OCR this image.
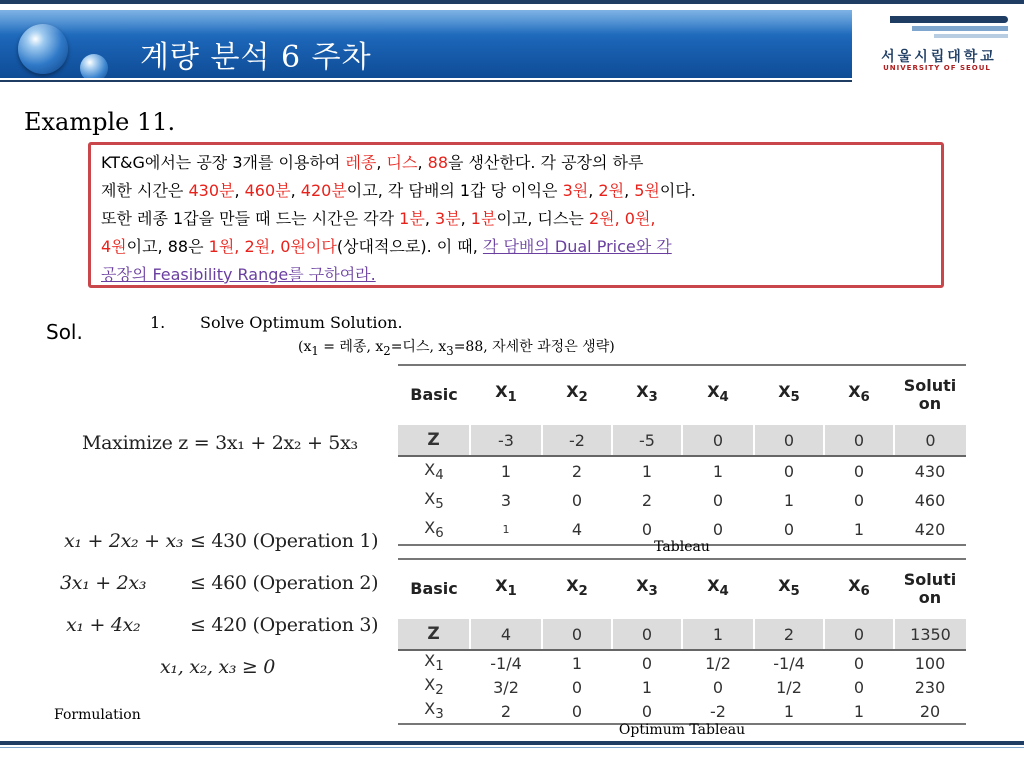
계량 분석 6 주차	서울시립대학교
UNIVERSITY OF SEOUL
Example 11.
KT&G에서는 공장 3개를 이용하여 레종, 디스, 88을 생산한다. 각 공장의 하루
제한 시간은 430분, 460분, 420분이고, 각 담배의 1갑 당 이익은 3원, 2원, 5원이다.
또한 레종 1갑을 만들 때 드는 시간은 각각 1분, 3분, 1분이고, 디스는 2원, 0원,
4원이고, 88은 1원, 2원, 0원이다(상대적으로). 이 때, 각 담배의 Dual Price와 각
공장의 Feasibility Range를 구하여라.
Sol.	1. Solve Optimum Solution.
($x_1$ = 레종, $x_2=$디스, $x_3=88$, 자세한 과정은 생략)
Maximize z = 3x₁ + 2x₂ + 5x₃
x₁ + 2x₂ + x₃ ≤ 430 (Operation 1)
3x₁ + 2x₃ ≤ 460 (Operation 2)
x₁ + 4x₂	≤ 420 (Operation 3)
x₁, x₂, x₃ ≥ 0
Formulation
Basic	$X_1$	$X_2$	$X_3$	$X_4$	$X_5$	$X_6$	Soluti
on
Z	-3	-2	-5	0	0	0	0
$X_4$	1	2	1	1	0	0	430
$X_5$	3	0	2	0	1	0	460
$X_6$	1	4	0	0	0	1	420
Tableau
Basic	$X_1$	$X_2$	$X_3$	$X_4$	$X_5$	$X_6$	Soluti
on
Z	4	0	0	1	2	0	1350
$X_1$	-1/4	1	0	1/2	-1/4	0	100
$X_2$	3/2	0	1	0	1/2	0	230
$X_3$	2	0	0	-2	1	1	20
Optimum Tableau
